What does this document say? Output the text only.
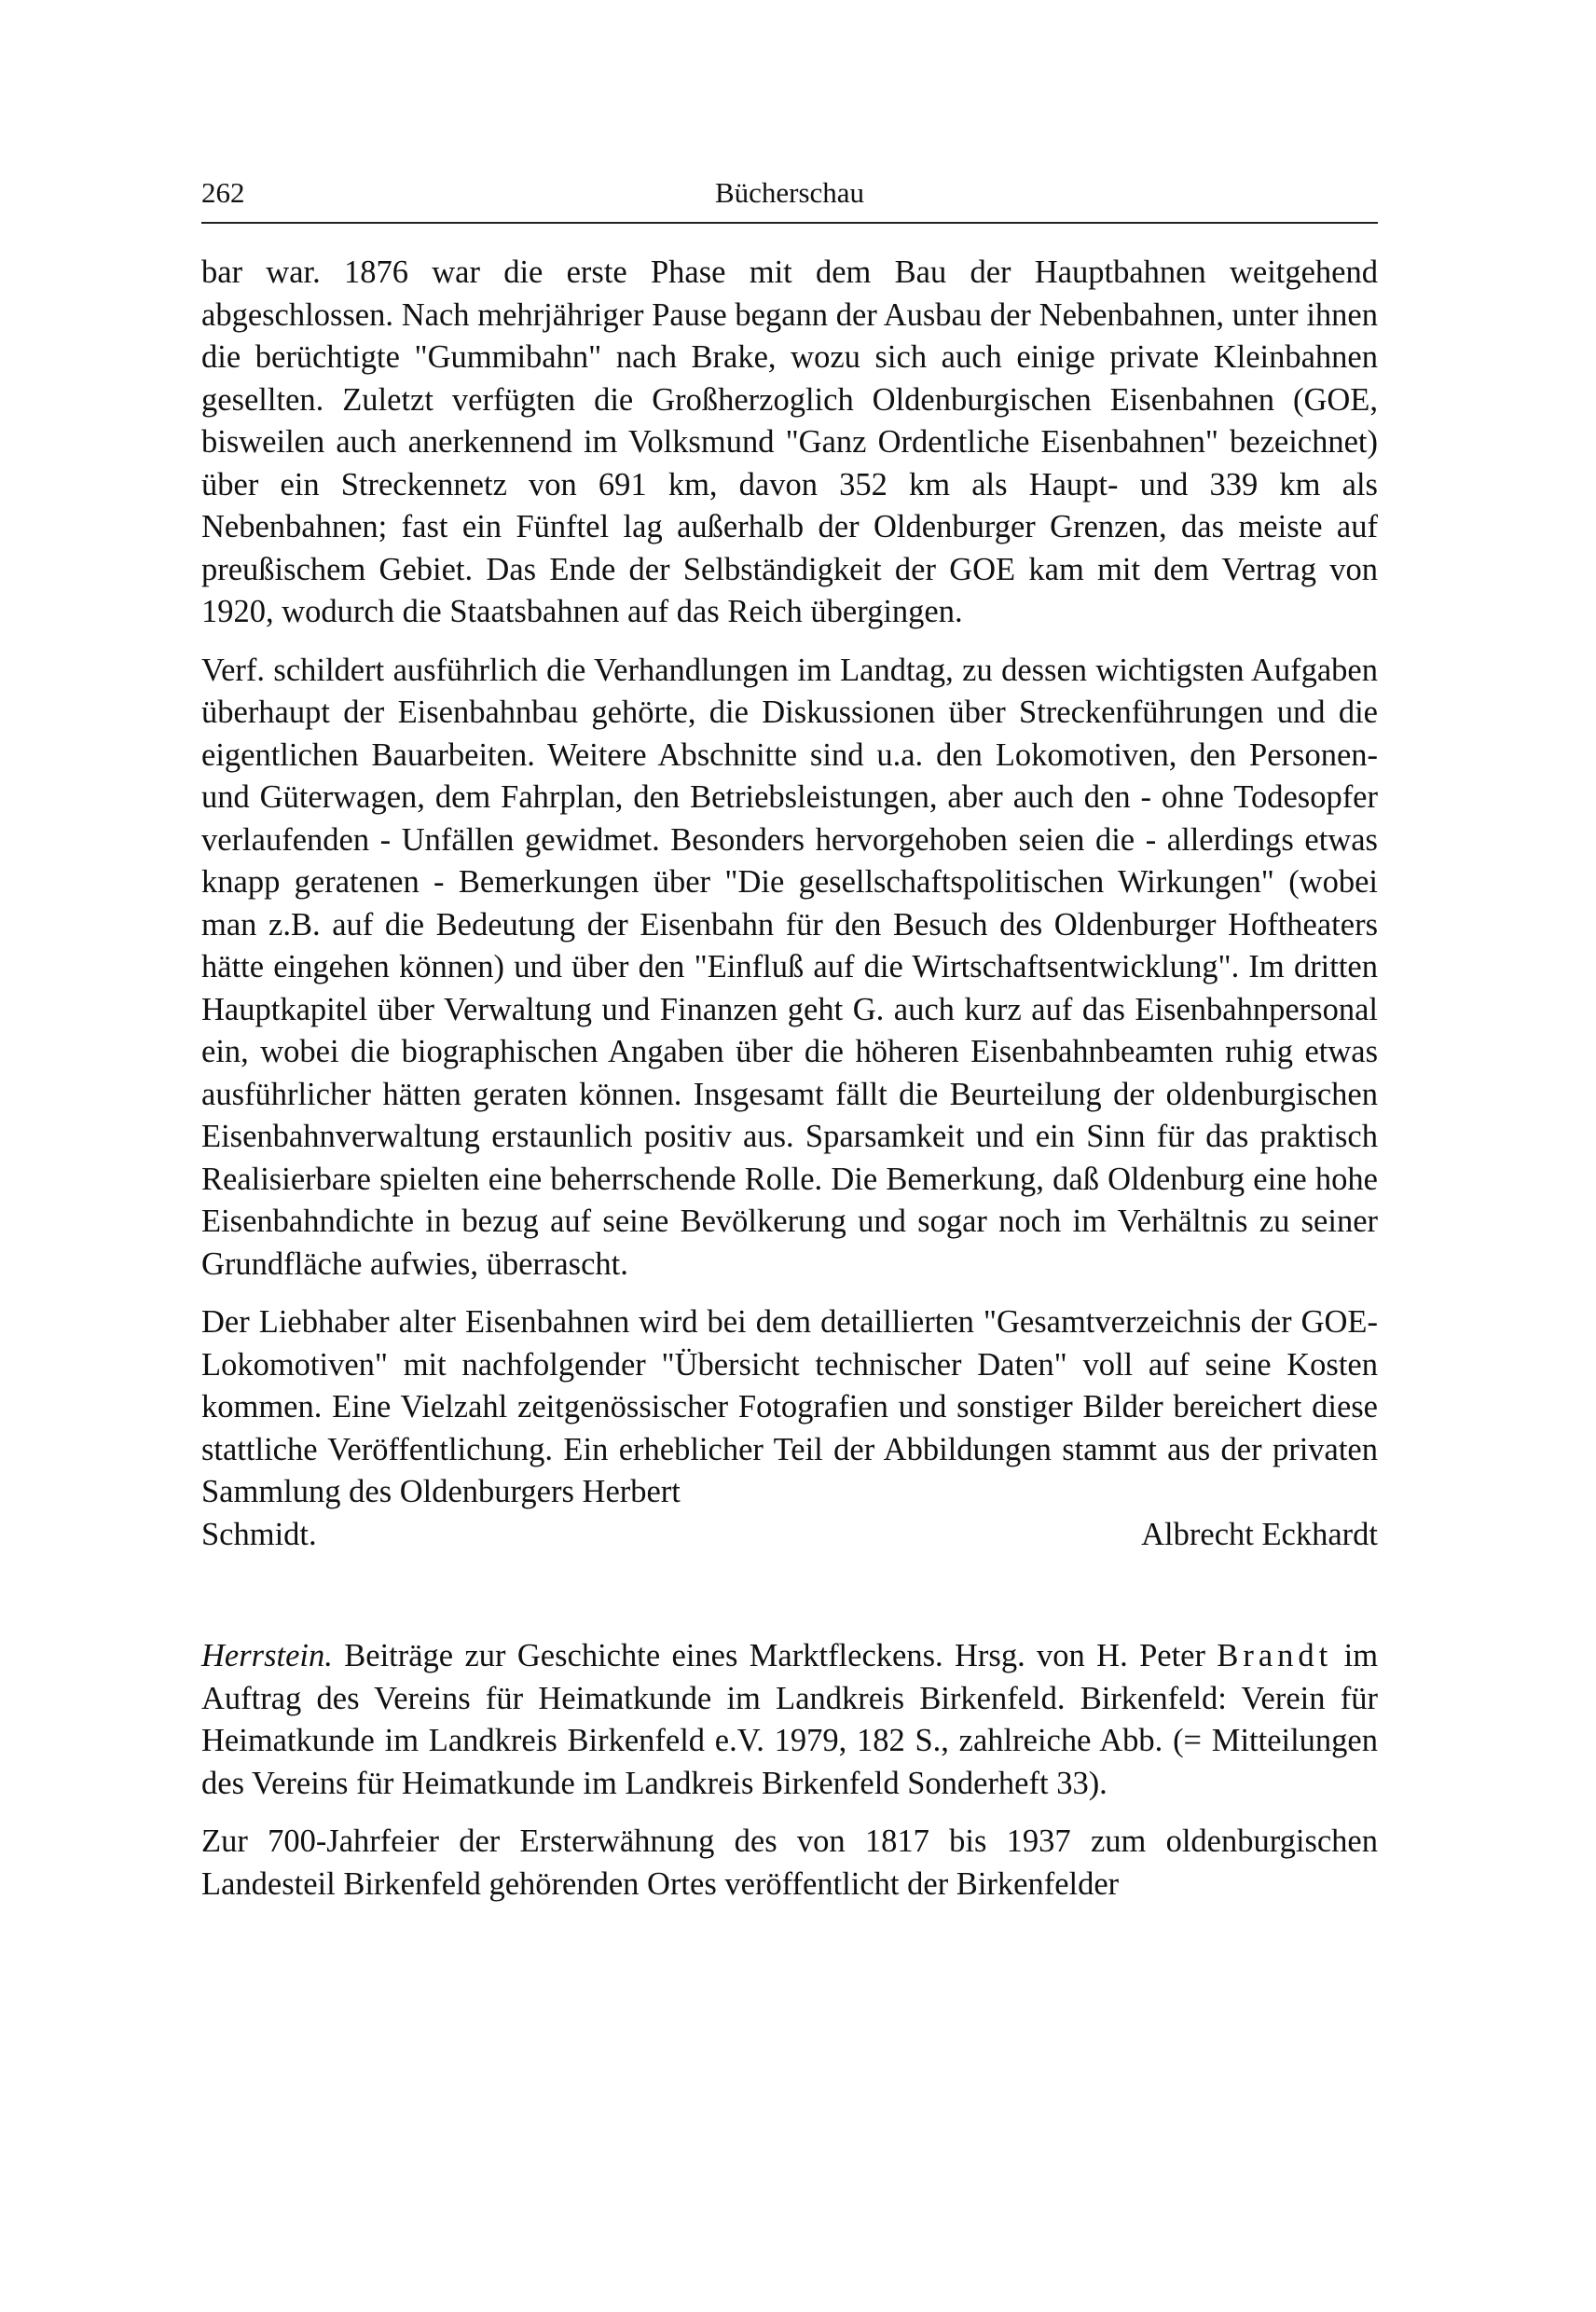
262	Bücherschau

bar war. 1876 war die erste Phase mit dem Bau der Hauptbahnen weitgehend abgeschlossen. Nach mehrjähriger Pause begann der Ausbau der Nebenbahnen, unter ihnen die berüchtigte "Gummibahn" nach Brake, wozu sich auch einige private Kleinbahnen gesellten. Zuletzt verfügten die Großherzoglich Oldenburgischen Eisenbahnen (GOE, bisweilen auch anerkennend im Volksmund "Ganz Ordentliche Eisenbahnen" bezeichnet) über ein Streckennetz von 691 km, davon 352 km als Haupt- und 339 km als Nebenbahnen; fast ein Fünftel lag außerhalb der Oldenburger Grenzen, das meiste auf preußischem Gebiet. Das Ende der Selbständigkeit der GOE kam mit dem Vertrag von 1920, wodurch die Staatsbahnen auf das Reich übergingen.

Verf. schildert ausführlich die Verhandlungen im Landtag, zu dessen wichtigsten Aufgaben überhaupt der Eisenbahnbau gehörte, die Diskussionen über Streckenführungen und die eigentlichen Bauarbeiten. Weitere Abschnitte sind u.a. den Lokomotiven, den Personen- und Güterwagen, dem Fahrplan, den Betriebsleistungen, aber auch den - ohne Todesopfer verlaufenden - Unfällen gewidmet. Besonders hervorgehoben seien die - allerdings etwas knapp geratenen - Bemerkungen über "Die gesellschaftspolitischen Wirkungen" (wobei man z.B. auf die Bedeutung der Eisenbahn für den Besuch des Oldenburger Hoftheaters hätte eingehen können) und über den "Einfluß auf die Wirtschaftsentwicklung". Im dritten Hauptkapitel über Verwaltung und Finanzen geht G. auch kurz auf das Eisenbahnpersonal ein, wobei die biographischen Angaben über die höheren Eisenbahnbeamten ruhig etwas ausführlicher hätten geraten können. Insgesamt fällt die Beurteilung der oldenburgischen Eisenbahnverwaltung erstaunlich positiv aus. Sparsamkeit und ein Sinn für das praktisch Realisierbare spielten eine beherrschende Rolle. Die Bemerkung, daß Oldenburg eine hohe Eisenbahndichte in bezug auf seine Bevölkerung und sogar noch im Verhältnis zu seiner Grundfläche aufwies, überrascht.

Der Liebhaber alter Eisenbahnen wird bei dem detaillierten "Gesamtverzeichnis der GOE-Lokomotiven" mit nachfolgender "Übersicht technischer Daten" voll auf seine Kosten kommen. Eine Vielzahl zeitgenössischer Fotografien und sonstiger Bilder bereichert diese stattliche Veröffentlichung. Ein erheblicher Teil der Abbildungen stammt aus der privaten Sammlung des Oldenburgers Herbert

Schmidt.	Albrecht Eckhardt

Herrstein. Beiträge zur Geschichte eines Marktfleckens. Hrsg. von H. Peter Brandt im Auftrag des Vereins für Heimatkunde im Landkreis Birkenfeld. Birkenfeld: Verein für Heimatkunde im Landkreis Birkenfeld e.V. 1979, 182 S., zahlreiche Abb. (= Mitteilungen des Vereins für Heimatkunde im Landkreis Birkenfeld Sonderheft 33).

Zur 700-Jahrfeier der Ersterwähnung des von 1817 bis 1937 zum oldenburgischen Landesteil Birkenfeld gehörenden Ortes veröffentlicht der Birkenfelder
